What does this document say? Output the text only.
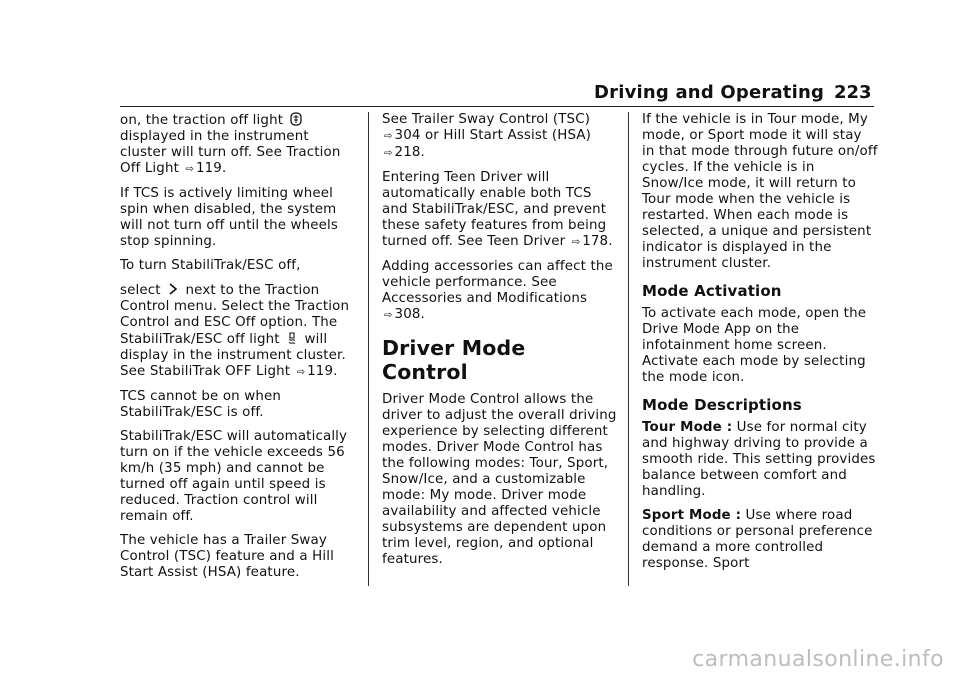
Driving and Operating 223

on, the traction off light  displayed in the instrument cluster will turn off. See Traction Off Light ⇨ 119.

If TCS is actively limiting wheel spin when disabled, the system will not turn off until the wheels stop spinning.

To turn StabiliTrak/ESC off,

select next to the Traction Control menu. Select the Traction Control and ESC Off option. The StabiliTrak/ESC off light will display in the instrument cluster. See StabiliTrak OFF Light ⇨ 119.

TCS cannot be on when StabiliTrak/ESC is off.

StabiliTrak/ESC will automatically turn on if the vehicle exceeds 56 km/h (35 mph) and cannot be turned off again until speed is reduced. Traction control will remain off.

The vehicle has a Trailer Sway Control (TSC) feature and a Hill Start Assist (HSA) feature.

See Trailer Sway Control (TSC) ⇨ 304 or Hill Start Assist (HSA) ⇨ 218.

Entering Teen Driver will automatically enable both TCS and StabiliTrak/ESC, and prevent these safety features from being turned off. See Teen Driver ⇨ 178.

Adding accessories can affect the vehicle performance. See Accessories and Modifications ⇨ 308.

Driver Mode Control

Driver Mode Control allows the driver to adjust the overall driving experience by selecting different modes. Driver Mode Control has the following modes: Tour, Sport, Snow/Ice, and a customizable mode: My mode. Driver mode availability and affected vehicle subsystems are dependent upon trim level, region, and optional features.

If the vehicle is in Tour mode, My mode, or Sport mode it will stay in that mode through future on/off cycles. If the vehicle is in Snow/Ice mode, it will return to Tour mode when the vehicle is restarted. When each mode is selected, a unique and persistent indicator is displayed in the instrument cluster.

Mode Activation

To activate each mode, open the Drive Mode App on the infotainment home screen. Activate each mode by selecting the mode icon.

Mode Descriptions

Tour Mode : Use for normal city and highway driving to provide a smooth ride. This setting provides balance between comfort and handling.

Sport Mode : Use where road conditions or personal preference demand a more controlled response. Sport

carmanualsonline.info
